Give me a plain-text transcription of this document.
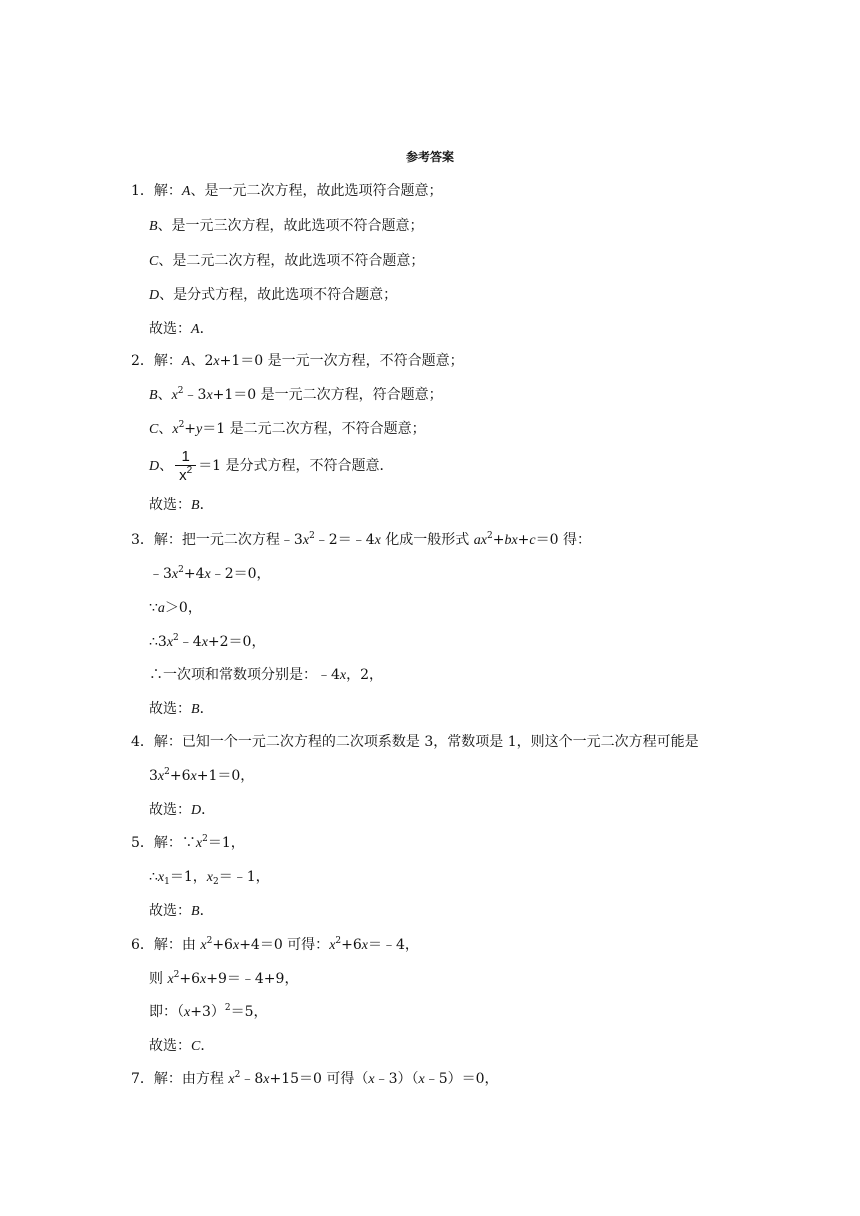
参考答案
1．解：A、是一元二次方程，故此选项符合题意；
B、是一元三次方程，故此选项不符合题意；
C、是二元二次方程，故此选项不符合题意；
D、是分式方程，故此选项不符合题意；
故选：A．
2．解：A、2x+1＝0 是一元一次方程，不符合题意；
B、$x^2﹣3x+1=0$ 是一元二次方程，符合题意；
C、$x^2+y=1$ 是二元二次方程，不符合题意；
D、 $\frac{1}{x^2} =1$ 是分式方程，不符合题意．
故选：B．
3．解：把一元二次方程$﹣3x^2﹣2=﹣4x$ 化成一般形式 $ax^2+bx+c=0$ 得：
$﹣3x^2+4x﹣2=0$，
∵a＞0，
$\therefore 3x^2﹣4x+2=0$，
∴一次项和常数项分别是：﹣4x，2，
故选：B．
4．解：已知一个一元二次方程的二次项系数是 3，常数项是 1，则这个一元二次方程可能是
$3x^2+6x+1=0$，
故选：D．
5．解：$\because x^2=1$，
$\therefore x_1=1$，$x_2=﹣1$，
故选：B．
6．解：由 $x^2+6x+4=0$ 可得：$x^2+6x=﹣4$，
则 $x^2+6x+9=﹣4+9$，
即：$(x+3)^2=5$，
故选：C．
7．解：由方程 $x^2﹣8x+15=0$ 可得（x﹣3）（x﹣5）＝0，
